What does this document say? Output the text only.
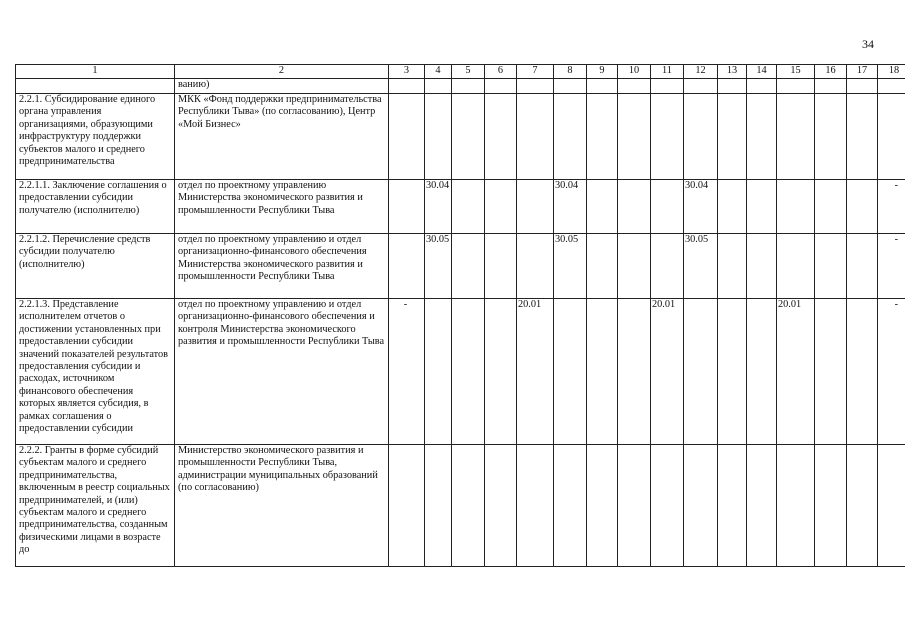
34
1	2	3	4	5	6	7	8	9	10	11	12	13	14	15	16	17	18
	ванию)																
2.2.1. Субсидирование единого органа управления организациями, образующими инфраструктуру поддержки субъектов малого и среднего предпринимательства	МКК «Фонд поддержки предпринимательства Республики Тыва» (по согласованию), Центр «Мой Бизнес»																
2.2.1.1. Заключение соглашения о предоставлении субсидии получателю (исполнителю)	отдел по проектному управлению Министерства экономического развития и промышленности Республики Тыва		30.04				30.04				30.04						-
2.2.1.2. Перечисление средств субсидии получателю (исполнителю)	отдел по проектному управлению и отдел организационно-финансового обеспечения Министерства экономического развития и промышленности Республики Тыва		30.05				30.05				30.05						-
2.2.1.3. Представление исполнителем отчетов о достижении установленных при предоставлении субсидии значений показателей результатов предоставления субсидии и расходах, источником финансового обеспечения которых является субсидия, в рамках соглашения о предоставлении субсидии	отдел по проектному управлению и отдел организационно-финансового обеспечения и контроля Министерства экономического развития и промышленности Республики Тыва	-				20.01				20.01				20.01			-
2.2.2. Гранты в форме субсидий субъектам малого и среднего предпринимательства, включенным в реестр социальных предпринимателей, и (или) субъектам малого и среднего предпринимательства, созданным физическими лицами в возрасте до	Министерство экономического развития и промышленности Республики Тыва, администрации муниципальных образований (по согласованию)																
